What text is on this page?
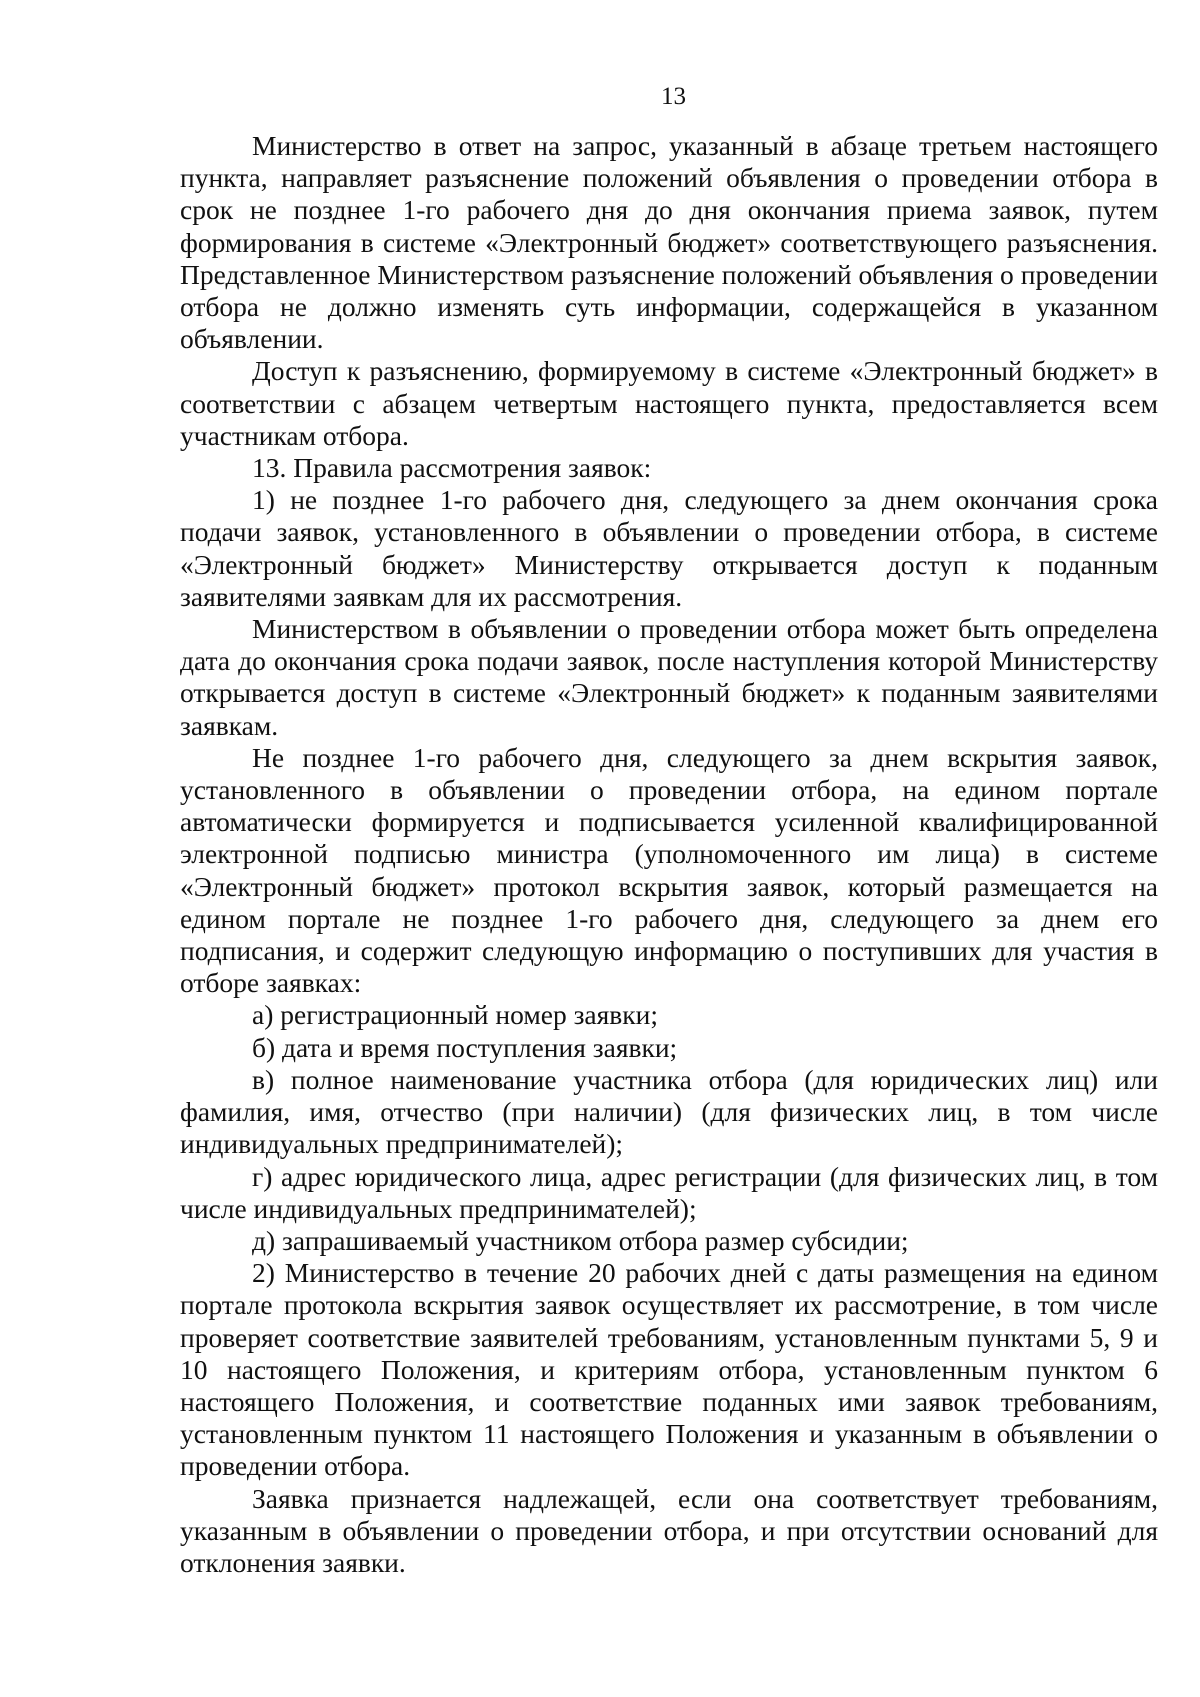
13

Министерство в ответ на запрос, указанный в абзаце третьем настоящего пункта, направляет разъяснение положений объявления о проведении отбора в срок не позднее 1-го рабочего дня до дня окончания приема заявок, путем формирования в системе «Электронный бюджет» соответствующего разъяснения. Представленное Министерством разъяснение положений объявления о проведении отбора не должно изменять суть информации, содержащейся в указанном объявлении.

Доступ к разъяснению, формируемому в системе «Электронный бюджет» в соответствии с абзацем четвертым настоящего пункта, предоставляется всем участникам отбора.

13. Правила рассмотрения заявок:

1) не позднее 1-го рабочего дня, следующего за днем окончания срока подачи заявок, установленного в объявлении о проведении отбора, в системе «Электронный бюджет» Министерству открывается доступ к поданным заявителями заявкам для их рассмотрения.

Министерством в объявлении о проведении отбора может быть определена дата до окончания срока подачи заявок, после наступления которой Министерству открывается доступ в системе «Электронный бюджет» к поданным заявителями заявкам.

Не позднее 1-го рабочего дня, следующего за днем вскрытия заявок, установленного в объявлении о проведении отбора, на едином портале автоматически формируется и подписывается усиленной квалифицированной электронной подписью министра (уполномоченного им лица) в системе «Электронный бюджет» протокол вскрытия заявок, который размещается на едином портале не позднее 1-го рабочего дня, следующего за днем его подписания, и содержит следующую информацию о поступивших для участия в отборе заявках:

а) регистрационный номер заявки;

б) дата и время поступления заявки;

в) полное наименование участника отбора (для юридических лиц) или фамилия, имя, отчество (при наличии) (для физических лиц, в том числе индивидуальных предпринимателей);

г) адрес юридического лица, адрес регистрации (для физических лиц, в том числе индивидуальных предпринимателей);

д) запрашиваемый участником отбора размер субсидии;

2) Министерство в течение 20 рабочих дней с даты размещения на едином портале протокола вскрытия заявок осуществляет их рассмотрение, в том числе проверяет соответствие заявителей требованиям, установленным пунктами 5, 9 и 10 настоящего Положения, и критериям отбора, установленным пунктом 6 настоящего Положения, и соответствие поданных ими заявок требованиям, установленным пунктом 11 настоящего Положения и указанным в объявлении о проведении отбора.

Заявка признается надлежащей, если она соответствует требованиям, указанным в объявлении о проведении отбора, и при отсутствии оснований для отклонения заявки.
